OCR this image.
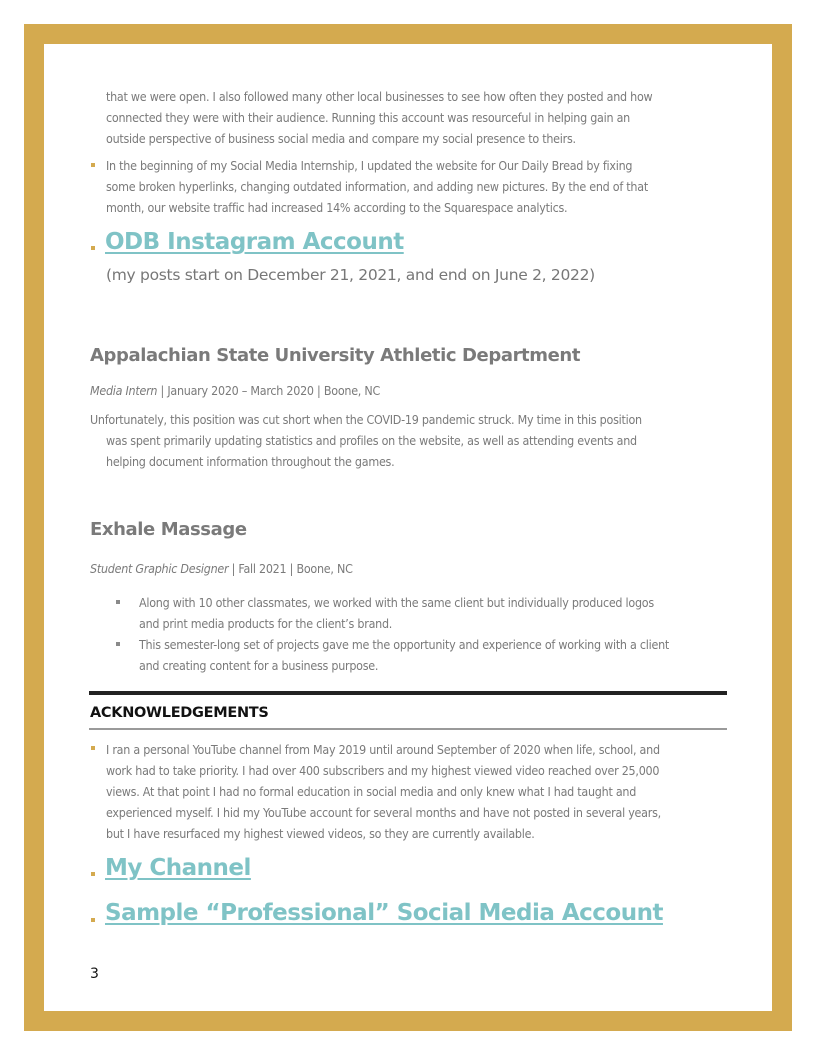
that we were open. I also followed many other local businesses to see how often they posted and how
connected they were with their audience. Running this account was resourceful in helping gain an
outside perspective of business social media and compare my social presence to theirs.
In the beginning of my Social Media Internship, I updated the website for Our Daily Bread by fixing
some broken hyperlinks, changing outdated information, and adding new pictures. By the end of that
month, our website traffic had increased 14% according to the Squarespace analytics.
ODB Instagram Account
(my posts start on December 21, 2021, and end on June 2, 2022)
Appalachian State University Athletic Department
Media Intern | January 2020 – March 2020 | Boone, NC
Unfortunately, this position was cut short when the COVID-19 pandemic struck. My time in this position
was spent primarily updating statistics and profiles on the website, as well as attending events and
helping document information throughout the games.
Exhale Massage
Student Graphic Designer | Fall 2021 | Boone, NC
Along with 10 other classmates, we worked with the same client but individually produced logos
and print media products for the client’s brand.
This semester-long set of projects gave me the opportunity and experience of working with a client
and creating content for a business purpose.
ACKNOWLEDGEMENTS
I ran a personal YouTube channel from May 2019 until around September of 2020 when life, school, and
work had to take priority. I had over 400 subscribers and my highest viewed video reached over 25,000
views. At that point I had no formal education in social media and only knew what I had taught and
experienced myself. I hid my YouTube account for several months and have not posted in several years,
but I have resurfaced my highest viewed videos, so they are currently available.
My Channel
Sample “Professional” Social Media Account
3
